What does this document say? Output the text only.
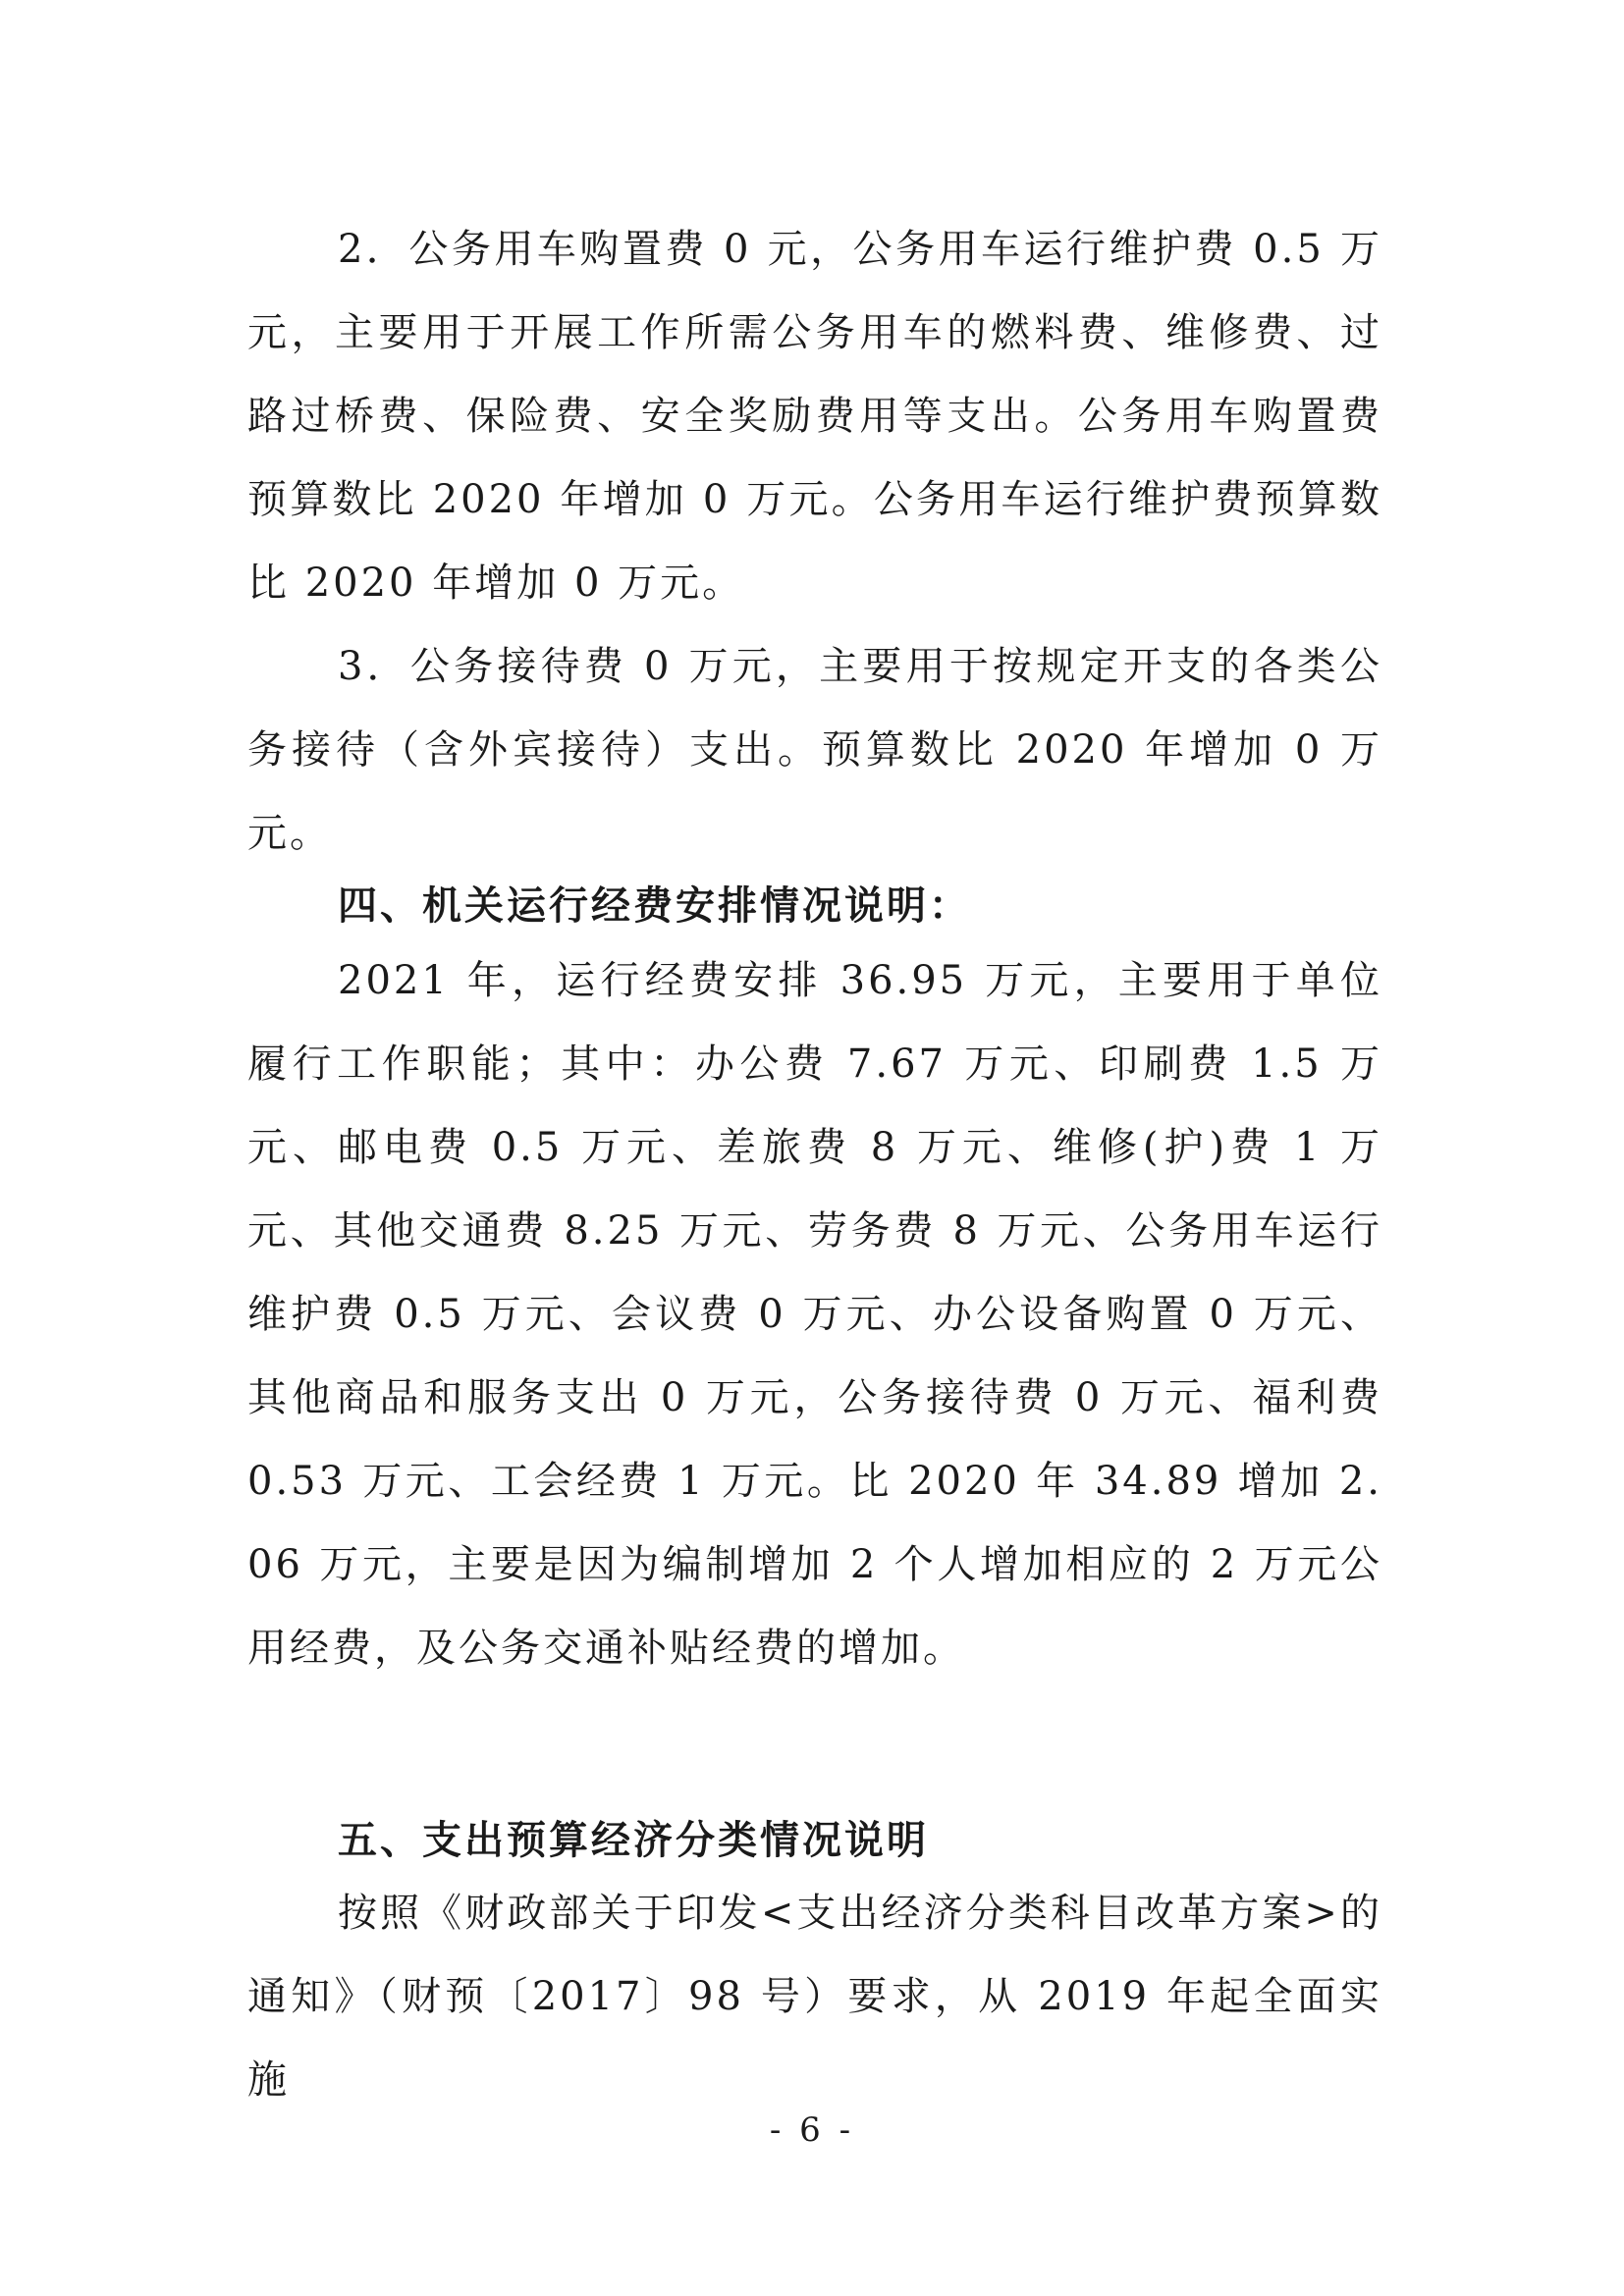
2．公务用车购置费 0 元，公务用车运行维护费 0.5 万元，主要用于开展工作所需公务用车的燃料费、维修费、过路过桥费、保险费、安全奖励费用等支出。公务用车购置费预算数比 2020 年增加 0 万元。公务用车运行维护费预算数比 2020 年增加 0 万元。

3．公务接待费 0 万元，主要用于按规定开支的各类公务接待（含外宾接待）支出。预算数比 2020 年增加 0 万元。

四、机关运行经费安排情况说明：

2021 年，运行经费安排 36.95 万元，主要用于单位履行工作职能；其中：办公费 7.67 万元、印刷费 1.5 万元、邮电费 0.5 万元、差旅费 8 万元、维修(护)费 1 万元、其他交通费 8.25 万元、劳务费 8 万元、公务用车运行维护费 0.5 万元、会议费 0 万元、办公设备购置 0 万元、其他商品和服务支出 0 万元，公务接待费 0 万元、福利费 0.53 万元、工会经费 1 万元。比 2020 年 34.89 增加 2.06 万元，主要是因为编制增加 2 个人增加相应的 2 万元公用经费，及公务交通补贴经费的增加。

五、支出预算经济分类情况说明

按照《财政部关于印发<支出经济分类科目改革方案>的通知》（财预〔2017〕98 号）要求，从 2019 年起全面实施

- 6 -
